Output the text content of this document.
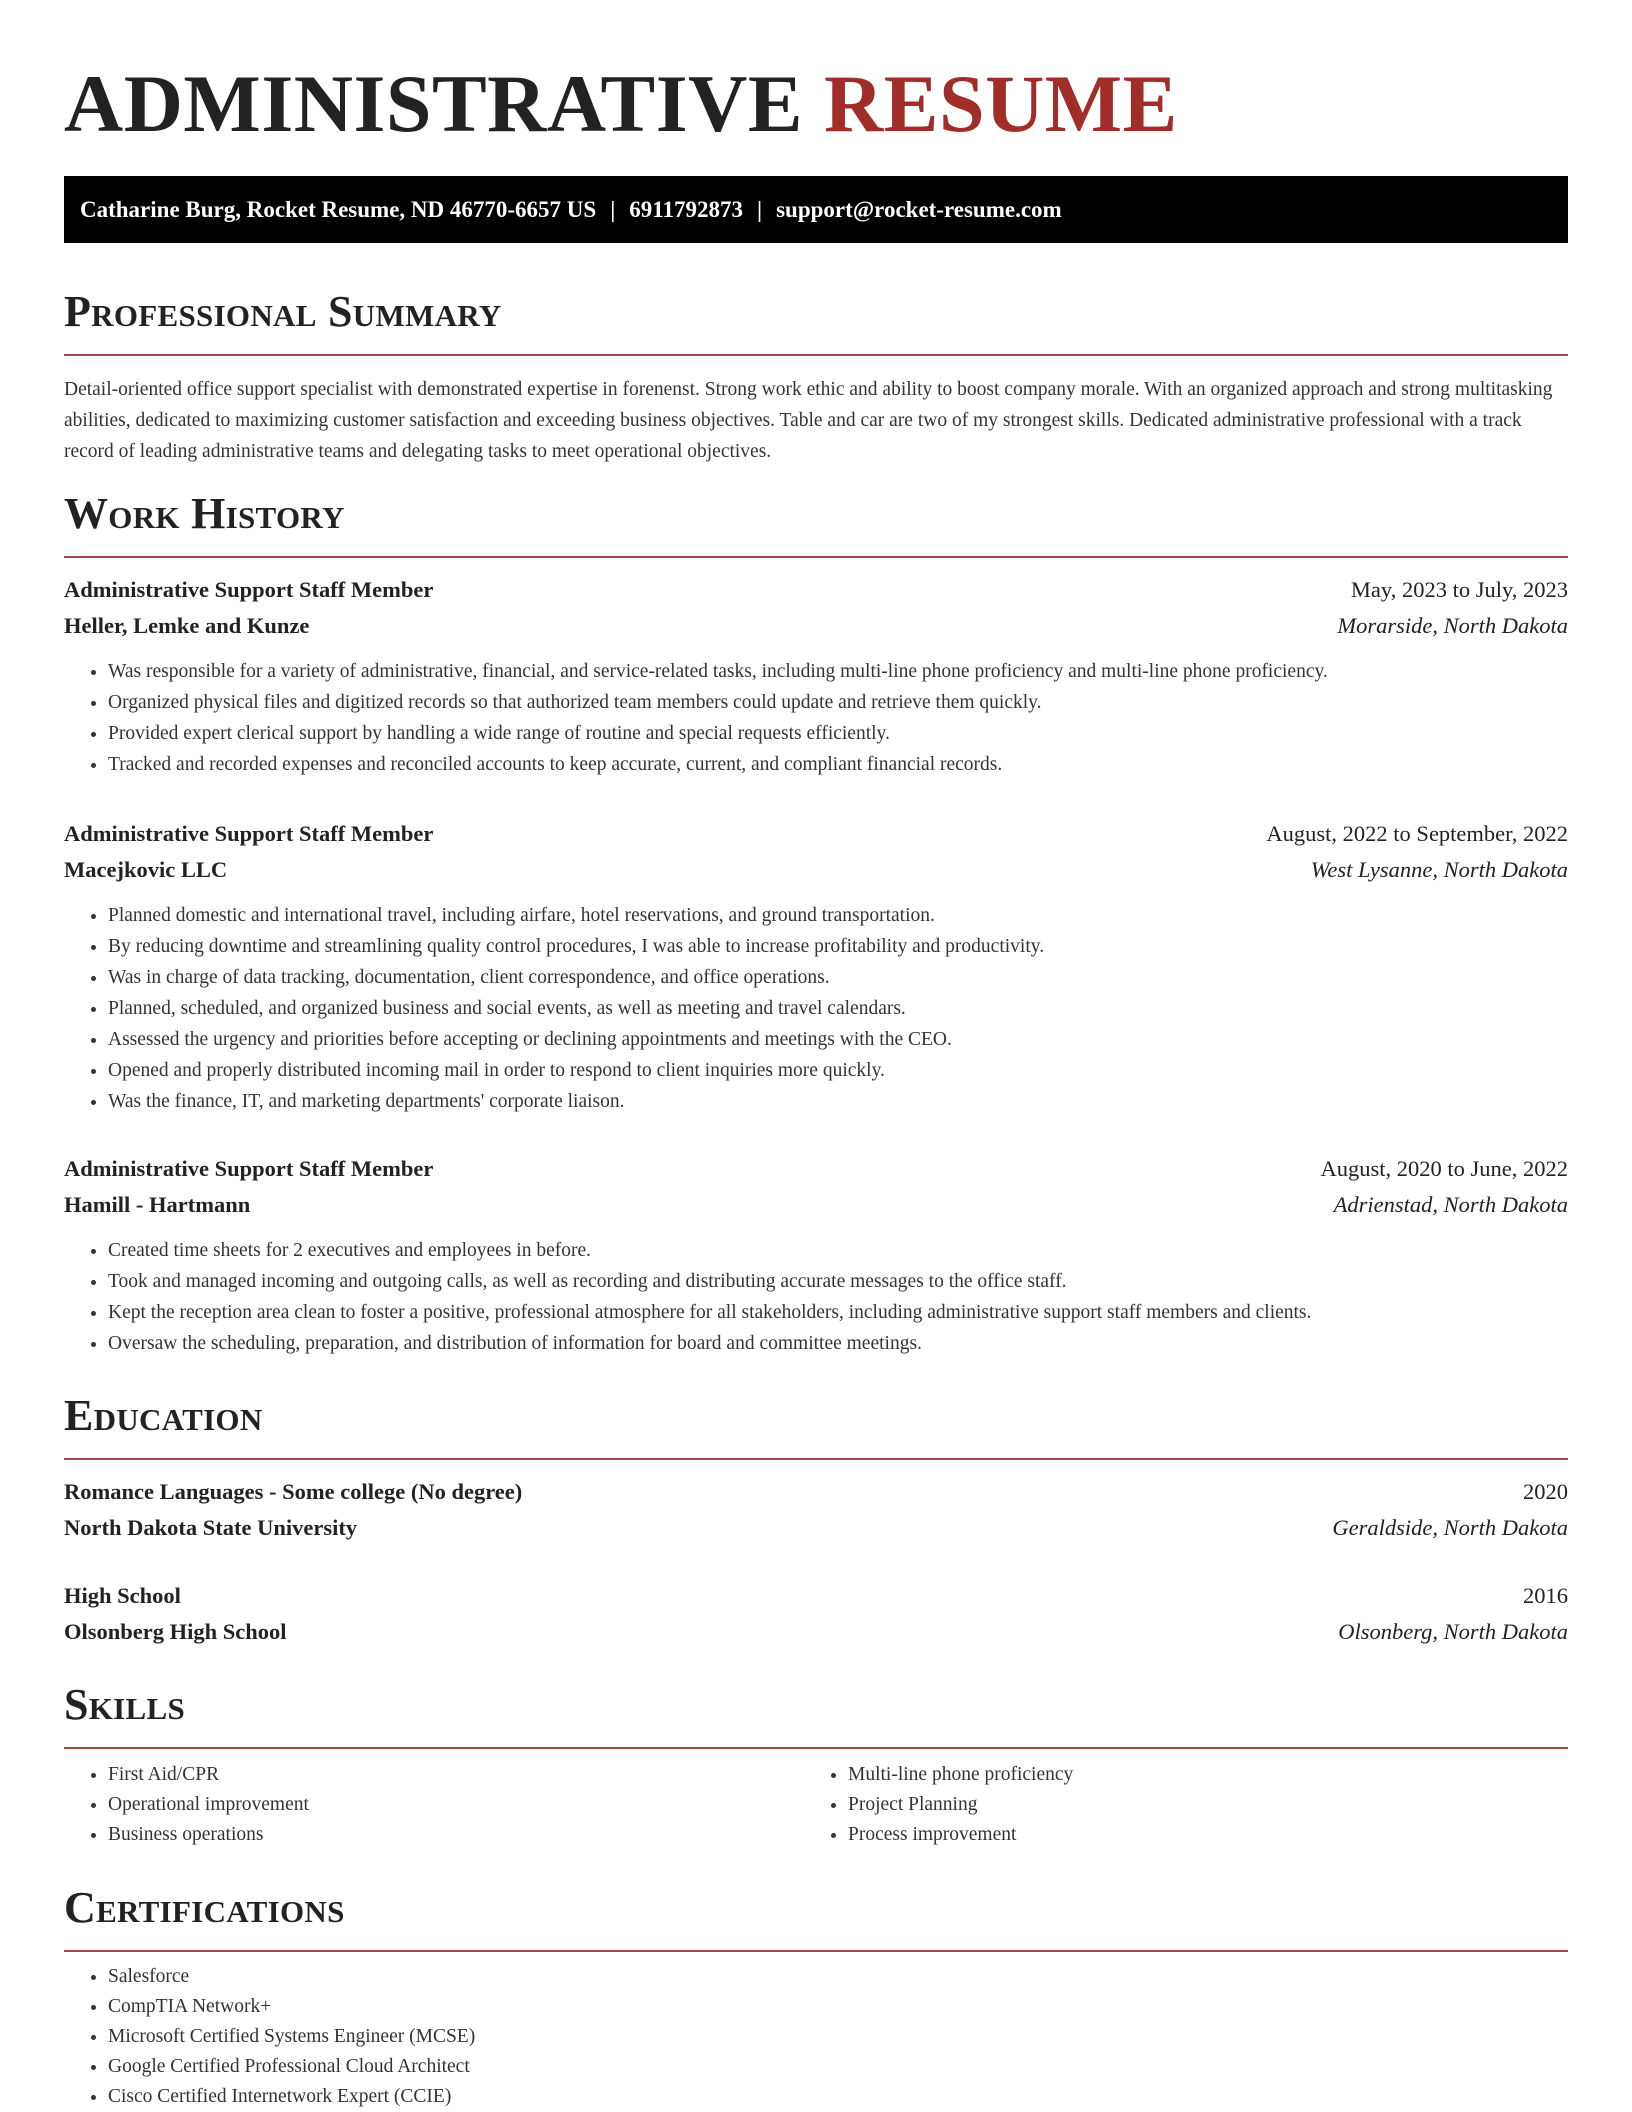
ADMINISTRATIVE RESUME
Catharine Burg, Rocket Resume, ND 46770-6657 US | 6911792873 | support@rocket-resume.com
Professional Summary

Detail-oriented office support specialist with demonstrated expertise in forenenst. Strong work ethic and ability to boost company morale. With an organized approach and strong multitasking abilities, dedicated to maximizing customer satisfaction and exceeding business objectives. Table and car are two of my strongest skills. Dedicated administrative professional with a track record of leading administrative teams and delegating tasks to meet operational objectives.

Work History
Administrative Support Staff Member	May, 2023 to July, 2023
Heller, Lemke and Kunze	Morarside, North Dakota
• Was responsible for a variety of administrative, financial, and service-related tasks, including multi-line phone proficiency and multi-line phone proficiency.
• Organized physical files and digitized records so that authorized team members could update and retrieve them quickly.
• Provided expert clerical support by handling a wide range of routine and special requests efficiently.
• Tracked and recorded expenses and reconciled accounts to keep accurate, current, and compliant financial records.
Administrative Support Staff Member	August, 2022 to September, 2022
Macejkovic LLC	West Lysanne, North Dakota
• Planned domestic and international travel, including airfare, hotel reservations, and ground transportation.
• By reducing downtime and streamlining quality control procedures, I was able to increase profitability and productivity.
• Was in charge of data tracking, documentation, client correspondence, and office operations.
• Planned, scheduled, and organized business and social events, as well as meeting and travel calendars.
• Assessed the urgency and priorities before accepting or declining appointments and meetings with the CEO.
• Opened and properly distributed incoming mail in order to respond to client inquiries more quickly.
• Was the finance, IT, and marketing departments' corporate liaison.
Administrative Support Staff Member	August, 2020 to June, 2022
Hamill - Hartmann	Adrienstad, North Dakota
• Created time sheets for 2 executives and employees in before.
• Took and managed incoming and outgoing calls, as well as recording and distributing accurate messages to the office staff.
• Kept the reception area clean to foster a positive, professional atmosphere for all stakeholders, including administrative support staff members and clients.
• Oversaw the scheduling, preparation, and distribution of information for board and committee meetings.
Education
Romance Languages - Some college (No degree)	2020
North Dakota State University	Geraldside, North Dakota
High School	2016
Olsonberg High School	Olsonberg, North Dakota
Skills
• First Aid/CPR
• Operational improvement
• Business operations
• Multi-line phone proficiency
• Project Planning
• Process improvement
Certifications
• Salesforce
• CompTIA Network+
• Microsoft Certified Systems Engineer (MCSE)
• Google Certified Professional Cloud Architect
• Cisco Certified Internetwork Expert (CCIE)
